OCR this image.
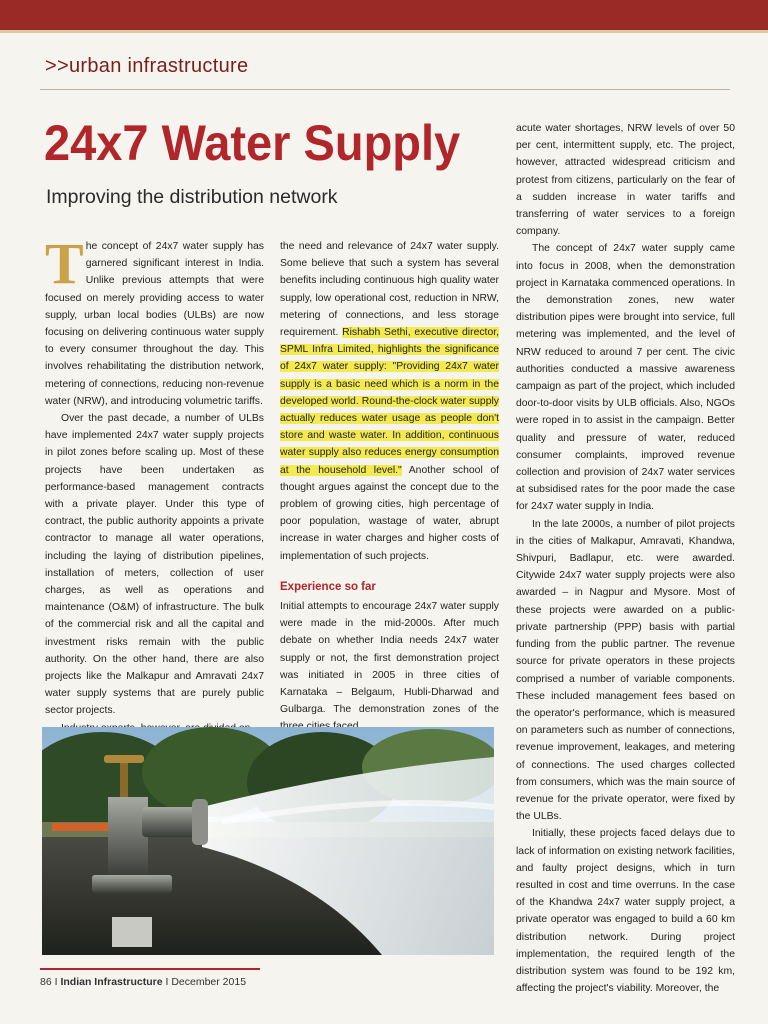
>>urban infrastructure
24x7 Water Supply
Improving the distribution network

The concept of 24x7 water supply has garnered significant interest in India. Unlike previous attempts that were focused on merely providing access to water supply, urban local bodies (ULBs) are now focusing on delivering continuous water supply to every consumer throughout the day. This involves rehabilitating the distribution network, metering of connections, reducing non-revenue water (NRW), and introducing volumetric tariffs.

Over the past decade, a number of ULBs have implemented 24x7 water supply projects in pilot zones before scaling up. Most of these projects have been undertaken as performance-based management contracts with a private player. Under this type of contract, the public authority appoints a private contractor to manage all water operations, including the laying of distribution pipelines, installation of meters, collection of user charges, as well as operations and maintenance (O&M) of infrastructure. The bulk of the commercial risk and all the capital and investment risks remain with the public authority. On the other hand, there are also projects like the Malkapur and Amravati 24x7 water supply systems that are purely public sector projects.

the need and relevance of 24x7 water supply. Some believe that such a system has several benefits including continuous high quality water supply, low operational cost, reduction in NRW, metering of connections, and less storage requirement. Rishabh Sethi, executive director, SPML Infra Limited, highlights the significance of 24x7 water supply: "Providing 24x7 water supply is a basic need which is a norm in the developed world. Round-the-clock water supply actually reduces water usage as people don't store and waste water. In addition, continuous water supply also reduces energy consumption at the household level." Another school of thought argues against the concept due to the problem of growing cities, high percentage of poor population, wastage of water, abrupt increase in water charges and higher costs of implementation of such projects.

Experience so far

Initial attempts to encourage 24x7 water supply were made in the mid-2000s. After much debate on whether India needs 24x7 water supply or not, the first demonstration project was initiated in 2005 in three cities of Karnataka – Belgaum, Hubli-Dharwad and Gulbarga. The demonstration zones of the

acute water shortages, NRW levels of over 50 per cent, intermittent supply, etc. The project, however, attracted widespread criticism and protest from citizens, particularly on the fear of a sudden increase in water tariffs and transferring of water services to a foreign company.

The concept of 24x7 water supply came into focus in 2008, when the demonstration project in Karnataka commenced operations. In the demonstration zones, new water distribution pipes were brought into service, full metering was implemented, and the level of NRW reduced to around 7 per cent. The civic authorities conducted a massive awareness campaign as part of the project, which included door-to-door visits by ULB officials. Also, NGOs were roped in to assist in the campaign. Better quality and pressure of water, reduced consumer complaints, improved revenue collection and provision of 24x7 water services at subsidised rates for the poor made the case for 24x7 water supply in India.

In the late 2000s, a number of pilot projects in the cities of Malkapur, Amravati, Khandwa, Shivpuri, Badlapur, etc. were awarded. Citywide 24x7 water supply projects were also awarded – in Nagpur and Mysore. Most of these projects were awarded on a public-private partnership (PPP) basis with partial funding from the public partner. The revenue source for private operators in these projects comprised a number of variable components. These included management fees based on the operator's performance, which is measured on parameters such as number of connections, revenue improvement, leakages, and metering of connections. The used charges collected from consumers, which was the main source of revenue for the private operator, were fixed by the ULBs.

Initially, these projects faced delays due to lack of information on existing network facilities, and faulty project designs, which in turn resulted in cost and time overruns. In the case of the Khandwa 24x7 water supply project, a private operator was engaged to build a 60 km distribution network. During project implementation, the required length of the distribution system was found to be 192 km, affecting the project's viability. Moreover, the

86 I Indian Infrastructure I December 2015
